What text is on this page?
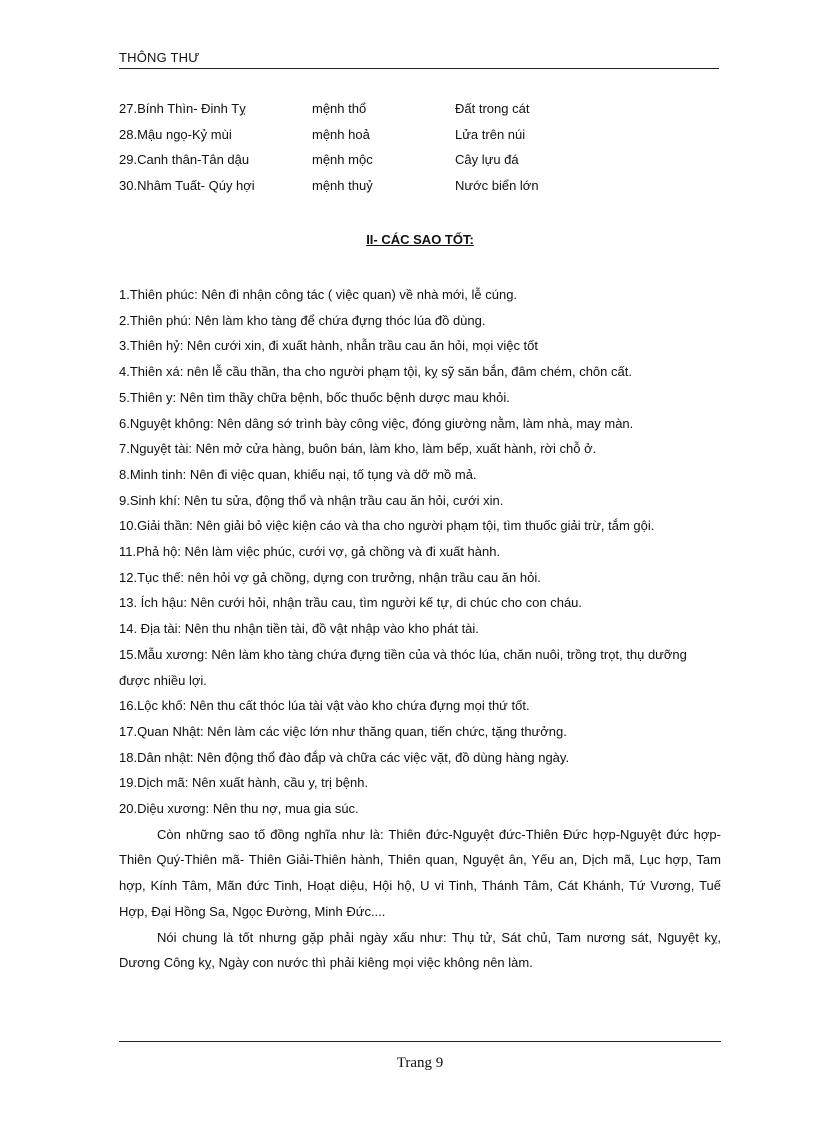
THÔNG THƯ
27.Bính Thìn- Đinh Tỵ	mệnh thổ	Đất trong cát
28.Mậu ngọ-Kỷ mùi	mệnh hoả	Lửa trên núi
29.Canh thân-Tân dậu	mệnh mộc	Cây lựu đá
30.Nhâm Tuất- Qúy hợi	mệnh thuỷ	Nước biển lớn
II- CÁC SAO TỐT:

1.Thiên phúc: Nên đi nhận công tác ( việc quan) về nhà mới, lễ cúng.

2.Thiên phú: Nên làm kho tàng để chứa đựng thóc lúa đồ dùng.

3.Thiên hỷ: Nên cưới xin, đi xuất hành, nhẫn trầu cau ăn hỏi, mọi việc tốt

4.Thiên xá: nên lễ cầu thần, tha cho người phạm tội, kỵ sỹ săn bắn, đâm chém, chôn cất.

5.Thiên y: Nên tìm thầy chữa bệnh, bốc thuốc bệnh dược mau khỏi.

6.Nguyệt không: Nên dâng sớ trình bày công việc, đóng giường nằm, làm nhà, may màn.

7.Nguyệt tài: Nên mở cửa hàng, buôn bán, làm kho, làm bếp, xuất hành, rời chỗ ở.

8.Minh tinh: Nên đi việc quan, khiếu nại, tố tụng và dỡ mồ mả.

9.Sinh khí: Nên tu sửa, động thổ và nhận trầu cau ăn hỏi, cưới xin.

10.Giải thần: Nên giải bỏ việc kiện cáo và tha cho người phạm tội, tìm thuốc giải trừ, tắm gội.

11.Phả hộ: Nên làm việc phúc, cưới vợ, gả chồng và đi xuất hành.

12.Tục thế: nên hỏi vợ gả chồng, dựng con trưởng, nhận trầu cau ăn hỏi.

13. Ích hậu: Nên cưới hỏi, nhận trầu cau, tìm người kế tự, di chúc cho con cháu.

14. Địa tài: Nên thu nhận tiền tài, đồ vật nhập vào kho phát tài.

15.Mẫu xương: Nên làm kho tàng chứa đựng tiền của và thóc lúa, chăn nuôi, trồng trọt, thụ dưỡng được nhiều lợi.

16.Lộc khố: Nên thu cất thóc lúa tài vật vào kho chứa đựng mọi thứ tốt.

17.Quan Nhật: Nên làm các việc lớn như thăng quan, tiến chức, tặng thưởng.

18.Dân nhật: Nên động thổ đào đắp và chữa các việc vặt, đồ dùng hàng ngày.

19.Dịch mã: Nên xuất hành, cầu y, trị bệnh.

20.Diệu xương: Nên thu nợ, mua gia súc.

Còn những sao tố đồng nghĩa như là: Thiên đức-Nguyệt đức-Thiên Đức hợp-Nguyệt đức hợp-Thiên Quý-Thiên mã- Thiên Giải-Thiên hành, Thiên quan, Nguyệt ân, Yếu an, Dịch mã, Lục hợp, Tam hợp, Kính Tâm, Mãn đức Tinh, Hoạt diệu, Hội hộ, U vi Tinh, Thánh Tâm, Cát Khánh, Tứ Vương, Tuế Hợp, Đại Hồng Sa, Ngọc Đường, Minh Đức....

Nói chung là tốt nhưng gặp phải ngày xấu như: Thụ tử, Sát chủ, Tam nương sát, Nguyệt kỵ, Dương Công kỵ, Ngày con nước thì phải kiêng mọi việc không nên làm.

Trang 9
